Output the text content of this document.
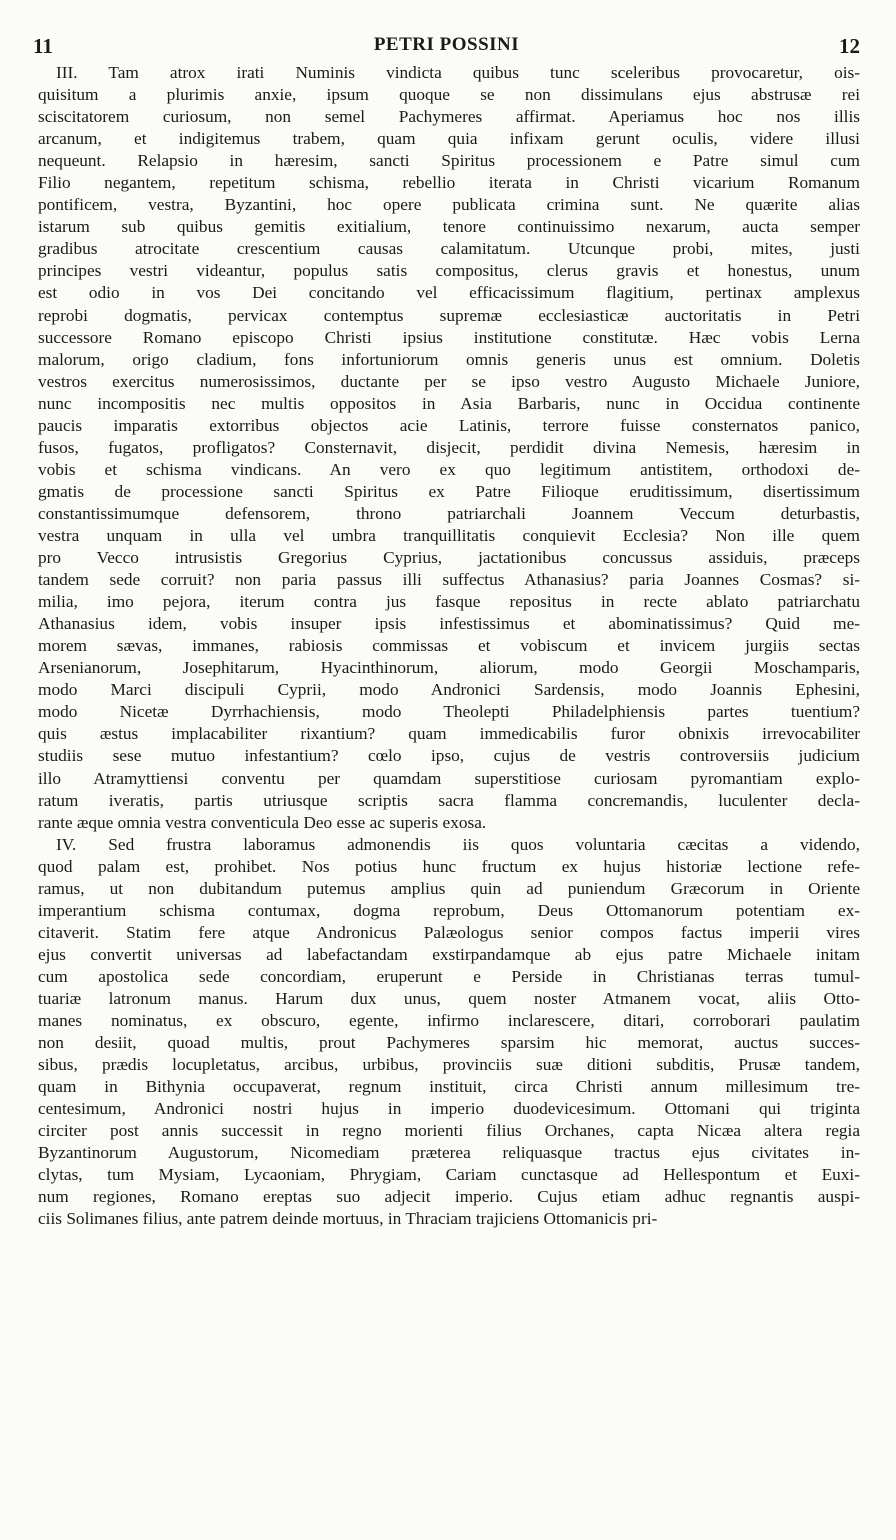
11	PETRI POSSINI	12
III. Tam atrox irati Numinis vindicta quibus tunc sceleribus provocaretur, ois-
quisitum a plurimis anxie, ipsum quoque se non dissimulans ejus abstrusæ rei
sciscitatorem curiosum, non semel Pachymeres affirmat. Aperiamus hoc nos illis
arcanum, et indigitemus trabem, quam quia infixam gerunt oculis, videre illusi
nequeunt. Relapsio in hæresim, sancti Spiritus processionem e Patre simul cum
Filio negantem, repetitum schisma, rebellio iterata in Christi vicarium Romanum
pontificem, vestra, Byzantini, hoc opere publicata crimina sunt. Ne quærite alias
istarum sub quibus gemitis exitialium, tenore continuissimo nexarum, aucta semper
gradibus atrocitate crescentium causas calamitatum. Utcunque probi, mites, justi
principes vestri videantur, populus satis compositus, clerus gravis et honestus, unum
est odio in vos Dei concitando vel efficacissimum flagitium, pertinax amplexus
reprobi dogmatis, pervicax contemptus supremæ ecclesiasticæ auctoritatis in Petri
successore Romano episcopo Christi ipsius institutione constitutæ. Hæc vobis Lerna
malorum, origo cladium, fons infortuniorum omnis generis unus est omnium. Doletis
vestros exercitus numerosissimos, ductante per se ipso vestro Augusto Michaele Juniore,
nunc incompositis nec multis oppositos in Asia Barbaris, nunc in Occidua continente
paucis imparatis extorribus objectos acie Latinis, terrore fuisse consternatos panico,
fusos, fugatos, profligatos? Consternavit, disjecit, perdidit divina Nemesis, hæresim in
vobis et schisma vindicans. An vero ex quo legitimum antistitem, orthodoxi de-
gmatis de processione sancti Spiritus ex Patre Filioque eruditissimum, disertissimum
constantissimumque defensorem, throno patriarchali Joannem Veccum deturbastis,
vestra unquam in ulla vel umbra tranquillitatis conquievit Ecclesia? Non ille quem
pro Vecco intrusistis Gregorius Cyprius, jactationibus concussus assiduis, præceps
tandem sede corruit? non paria passus illi suffectus Athanasius? paria Joannes Cosmas? si-
milia, imo pejora, iterum contra jus fasque repositus in recte ablato patriarchatu
Athanasius idem, vobis insuper ipsis infestissimus et abominatissimus? Quid me-
morem sævas, immanes, rabiosis commissas et vobiscum et invicem jurgiis sectas
Arsenianorum, Josephitarum, Hyacinthinorum, aliorum, modo Georgii Moschamparis,
modo Marci discipuli Cyprii, modo Andronici Sardensis, modo Joannis Ephesini,
modo Nicetæ Dyrrhachiensis, modo Theolepti Philadelphiensis partes tuentium?
quis æstus implacabiliter rixantium? quam immedicabilis furor obnixis irrevocabiliter
studiis sese mutuo infestantium? cœlo ipso, cujus de vestris controversiis judicium
illo Atramyttiensi conventu per quamdam superstitiose curiosam pyromantiam explo-
ratum iveratis, partis utriusque scriptis sacra flamma concremandis, luculenter decla-
rante æque omnia vestra conventicula Deo esse ac superis exosa.
IV. Sed frustra laboramus admonendis iis quos voluntaria cæcitas a videndo,
quod palam est, prohibet. Nos potius hunc fructum ex hujus historiæ lectione refe-
ramus, ut non dubitandum putemus amplius quin ad puniendum Græcorum in Oriente
imperantium schisma contumax, dogma reprobum, Deus Ottomanorum potentiam ex-
citaverit. Statim fere atque Andronicus Palæologus senior compos factus imperii vires
ejus convertit universas ad labefactandam exstirpandamque ab ejus patre Michaele initam
cum apostolica sede concordiam, eruperunt e Perside in Christianas terras tumul-
tuariæ latronum manus. Harum dux unus, quem noster Atmanem vocat, aliis Otto-
manes nominatus, ex obscuro, egente, infirmo inclarescere, ditari, corroborari paulatim
non desiit, quoad multis, prout Pachymeres sparsim hic memorat, auctus succes-
sibus, prædis locupletatus, arcibus, urbibus, provinciis suæ ditioni subditis, Prusæ tandem,
quam in Bithynia occupaverat, regnum instituit, circa Christi annum millesimum tre-
centesimum, Andronici nostri hujus in imperio duodevicesimum. Ottomani qui triginta
circiter post annis successit in regno morienti filius Orchanes, capta Nicæa altera regia
Byzantinorum Augustorum, Nicomediam præterea reliquasque tractus ejus civitates in-
clytas, tum Mysiam, Lycaoniam, Phrygiam, Cariam cunctasque ad Hellespontum et Euxi-
num regiones, Romano ereptas suo adjecit imperio. Cujus etiam adhuc regnantis auspi-
ciis Solimanes filius, ante patrem deinde mortuus, in Thraciam trajiciens Ottomanicis pri-
